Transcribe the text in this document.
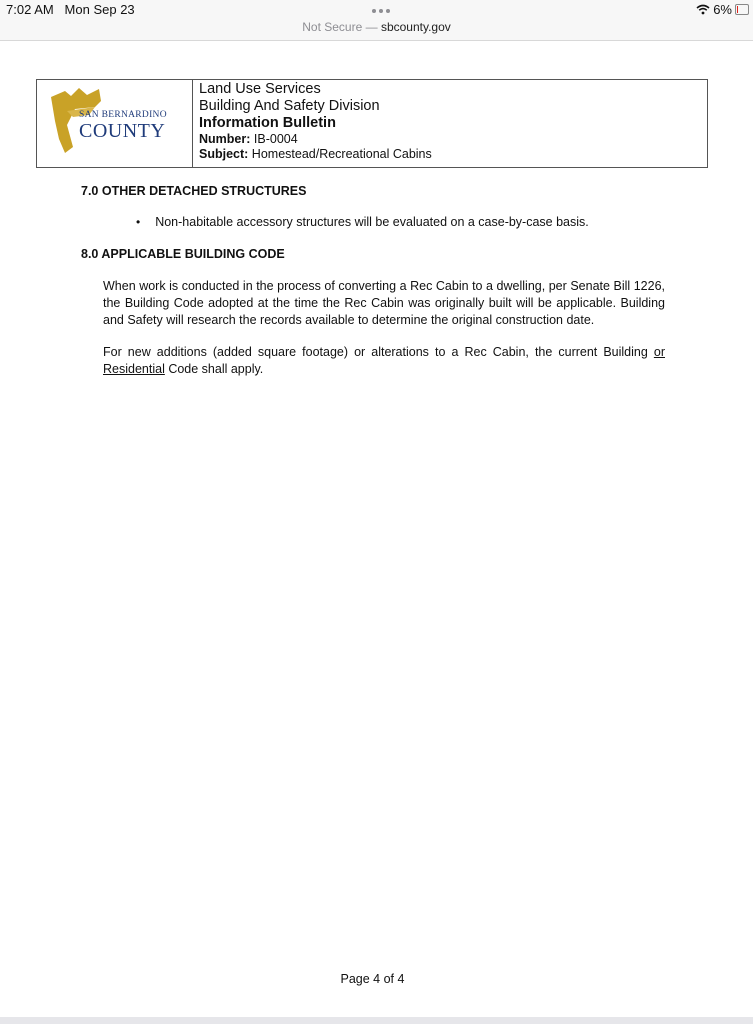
7:02 AM Mon Sep 23
Not Secure — sbcounty.gov
6%
SAN BERNARDINO
COUNTY
Land Use Services
Building And Safety Division
Information Bulletin
Number: IB-0004
Subject: Homestead/Recreational Cabins
7.0 OTHER DETACHED STRUCTURES
• Non-habitable accessory structures will be evaluated on a case-by-case basis.
8.0 APPLICABLE BUILDING CODE
When work is conducted in the process of converting a Rec Cabin to a dwelling, per Senate Bill 1226, the Building Code adopted at the time the Rec Cabin was originally built will be applicable. Building and Safety will research the records available to determine the original construction date.
For new additions (added square footage) or alterations to a Rec Cabin, the current Building or Residential Code shall apply.
Page 4 of 4
